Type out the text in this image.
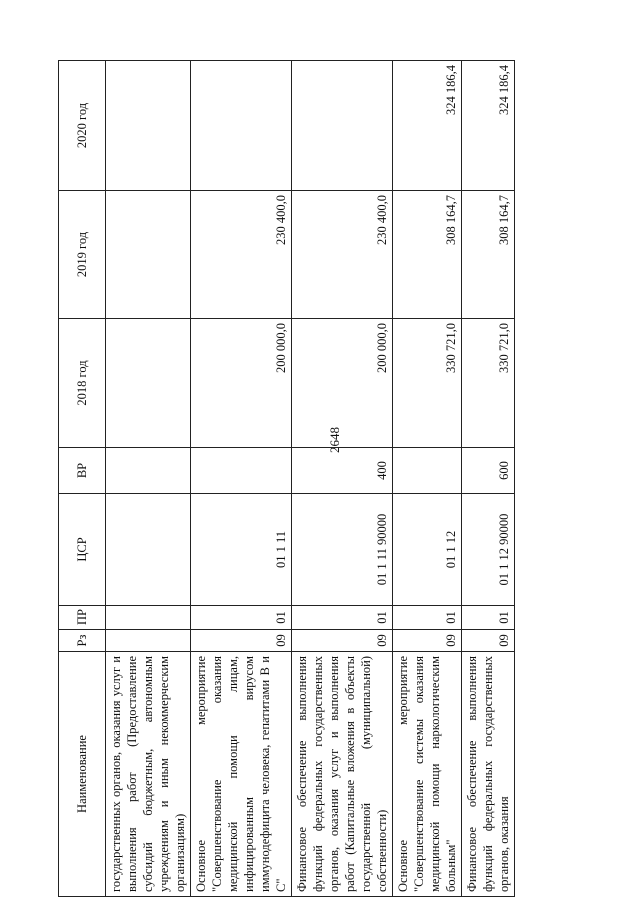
2648
Наименование	Рз	ПР	ЦСР	ВР	2018 год	2019 год	2020 год
государственных органов, оказания услуг и выполнения работ (Предоставление субсидий бюджетным, автономным учреждениям и иным некоммерческим организациям)							
Основное мероприятие "Совершенствование оказания медицинской помощи лицам, инфицированным вирусом иммунодефицита человека, гепатитами В и С"	09	01	01 1 11		200 000,0	230 400,0	
Финансовое обеспечение выполнения функций федеральных государственных органов, оказания услуг и выполнения работ (Капитальные вложения в объекты государственной (муниципальной) собственности)	09	01	01 1 11 90000	400	200 000,0	230 400,0	
Основное мероприятие "Совершенствование системы оказания медицинской помощи наркологическим больным"	09	01	01 1 12		330 721,0	308 164,7	324 186,4
Финансовое обеспечение выполнения функций федеральных государственных органов, оказания	09	01	01 1 12 90000	600	330 721,0	308 164,7	324 186,4
